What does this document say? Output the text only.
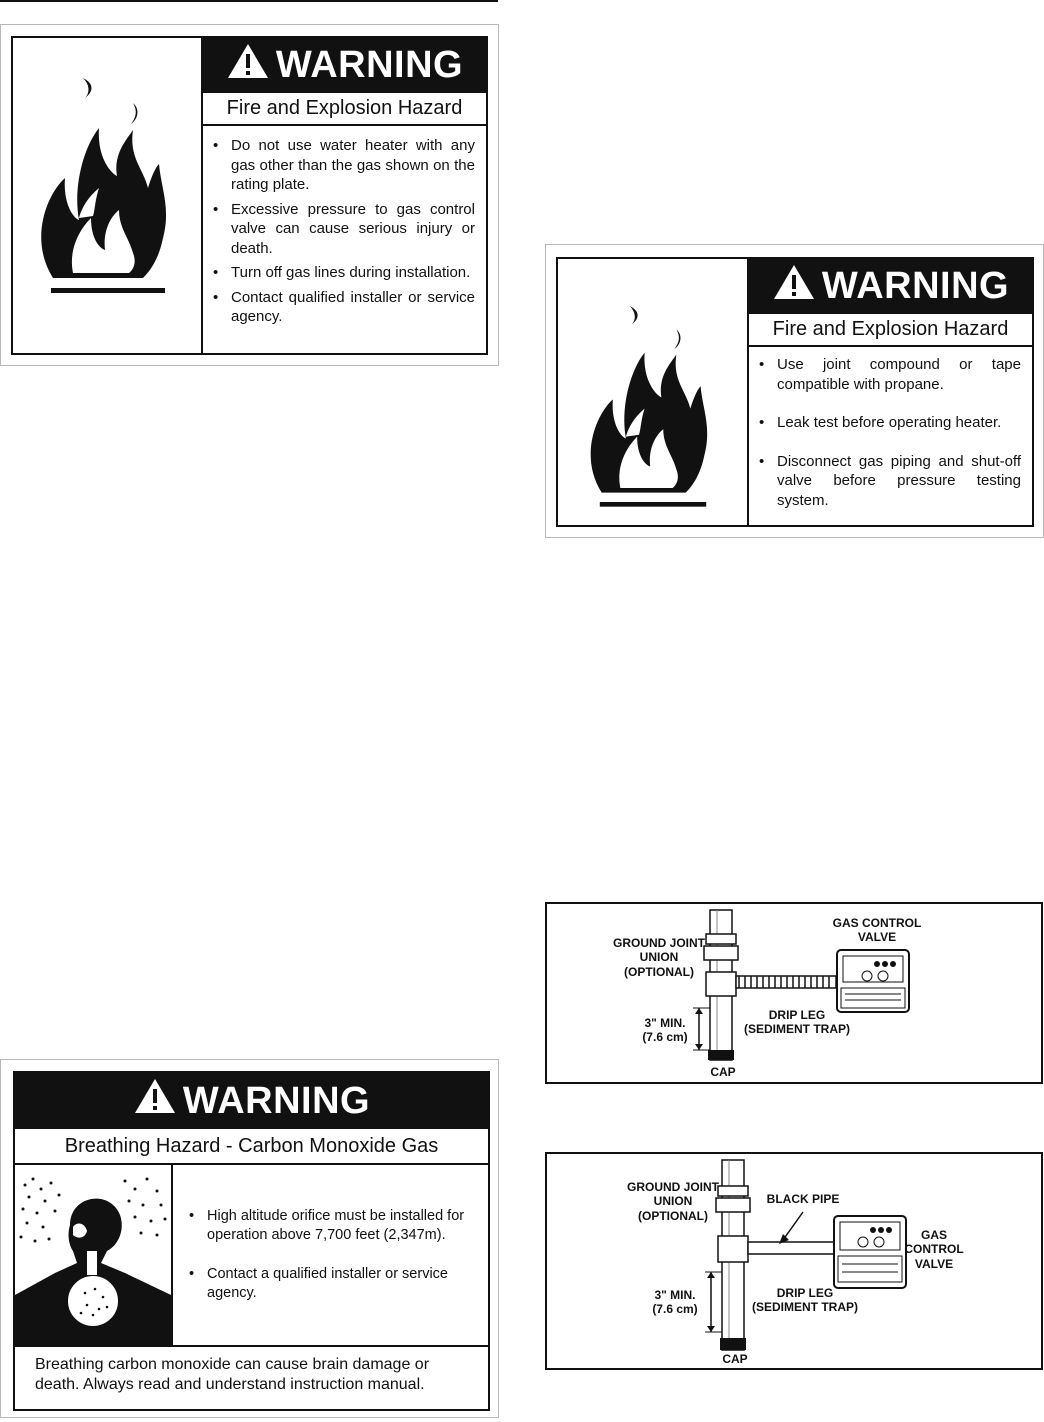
WARNING
Fire and Explosion Hazard
• Do not use water heater with any gas other than the gas shown on the rating plate.
• Excessive pressure to gas control valve can cause serious injury or death.
• Turn off gas lines during installation.
• Contact qualified installer or service agency.
WARNING
Fire and Explosion Hazard
• Use joint compound or tape compatible with propane.
• Leak test before operating heater.
• Disconnect gas piping and shut-off valve before pressure testing system.
GROUND JOINT UNION (OPTIONAL)
GAS CONTROL VALVE
DRIP LEG (SEDIMENT TRAP)
3" MIN. (7.6 cm)
CAP
GROUND JOINT UNION (OPTIONAL)
BLACK PIPE
GAS CONTROL VALVE
DRIP LEG (SEDIMENT TRAP)
3" MIN. (7.6 cm)
CAP
WARNING
Breathing Hazard - Carbon Monoxide Gas
• High altitude orifice must be installed for operation above 7,700 feet (2,347m).
• Contact a qualified installer or service agency.
Breathing carbon monoxide can cause brain damage or death. Always read and understand instruction manual.
